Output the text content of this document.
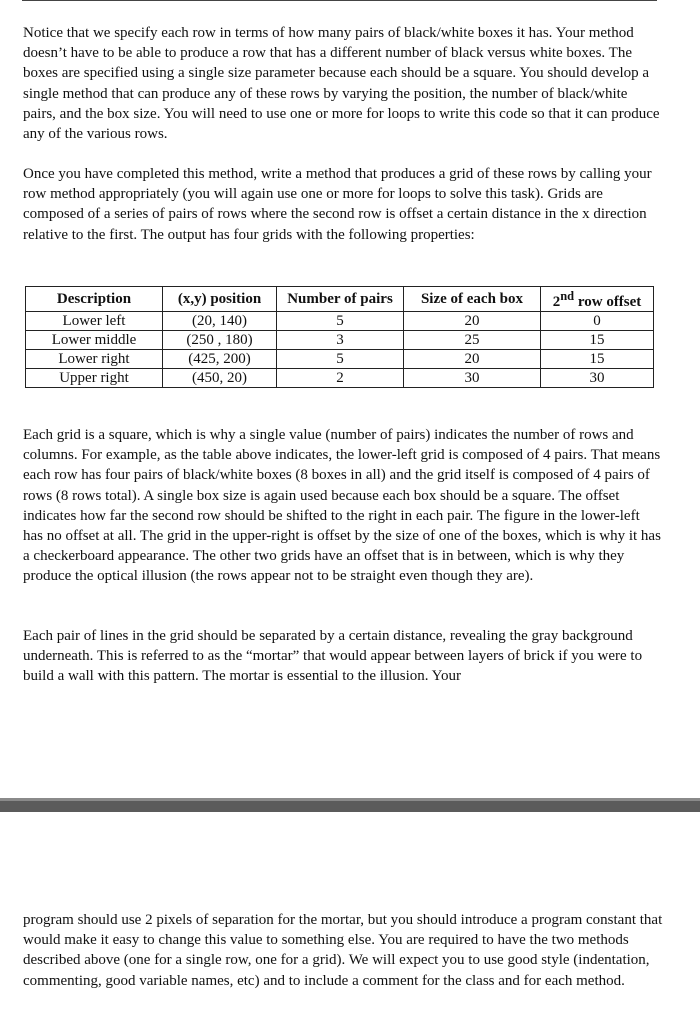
Notice that we specify each row in terms of how many pairs of black/white boxes it has. Your method doesn’t have to be able to produce a row that has a different number of black versus white boxes. The boxes are specified using a single size parameter because each should be a square. You should develop a single method that can produce any of these rows by varying the position, the number of black/white pairs, and the box size. You will need to use one or more for loops to write this code so that it can produce any of the various rows.

Once you have completed this method, write a method that produces a grid of these rows by calling your row method appropriately (you will again use one or more for loops to solve this task). Grids are composed of a series of pairs of rows where the second row is offset a certain distance in the x direction relative to the first. The output has four grids with the following properties:

Description	(x,y) position	Number of pairs	Size of each box	2nd row offset
Lower left	(20, 140)	5	20	0
Lower middle	(250 , 180)	3	25	15
Lower right	(425, 200)	5	20	15
Upper right	(450, 20)	2	30	30

Each grid is a square, which is why a single value (number of pairs) indicates the number of rows and columns. For example, as the table above indicates, the lower-left grid is composed of 4 pairs. That means each row has four pairs of black/white boxes (8 boxes in all) and the grid itself is composed of 4 pairs of rows (8 rows total). A single box size is again used because each box should be a square. The offset indicates how far the second row should be shifted to the right in each pair. The figure in the lower-left has no offset at all. The grid in the upper-right is offset by the size of one of the boxes, which is why it has a checkerboard appearance. The other two grids have an offset that is in between, which is why they produce the optical illusion (the rows appear not to be straight even though they are).

Each pair of lines in the grid should be separated by a certain distance, revealing the gray background underneath. This is referred to as the “mortar” that would appear between layers of brick if you were to build a wall with this pattern. The mortar is essential to the illusion. Your

program should use 2 pixels of separation for the mortar, but you should introduce a program constant that would make it easy to change this value to something else. You are required to have the two methods described above (one for a single row, one for a grid). We will expect you to use good style (indentation, commenting, good variable names, etc) and to include a comment for the class and for each method.
